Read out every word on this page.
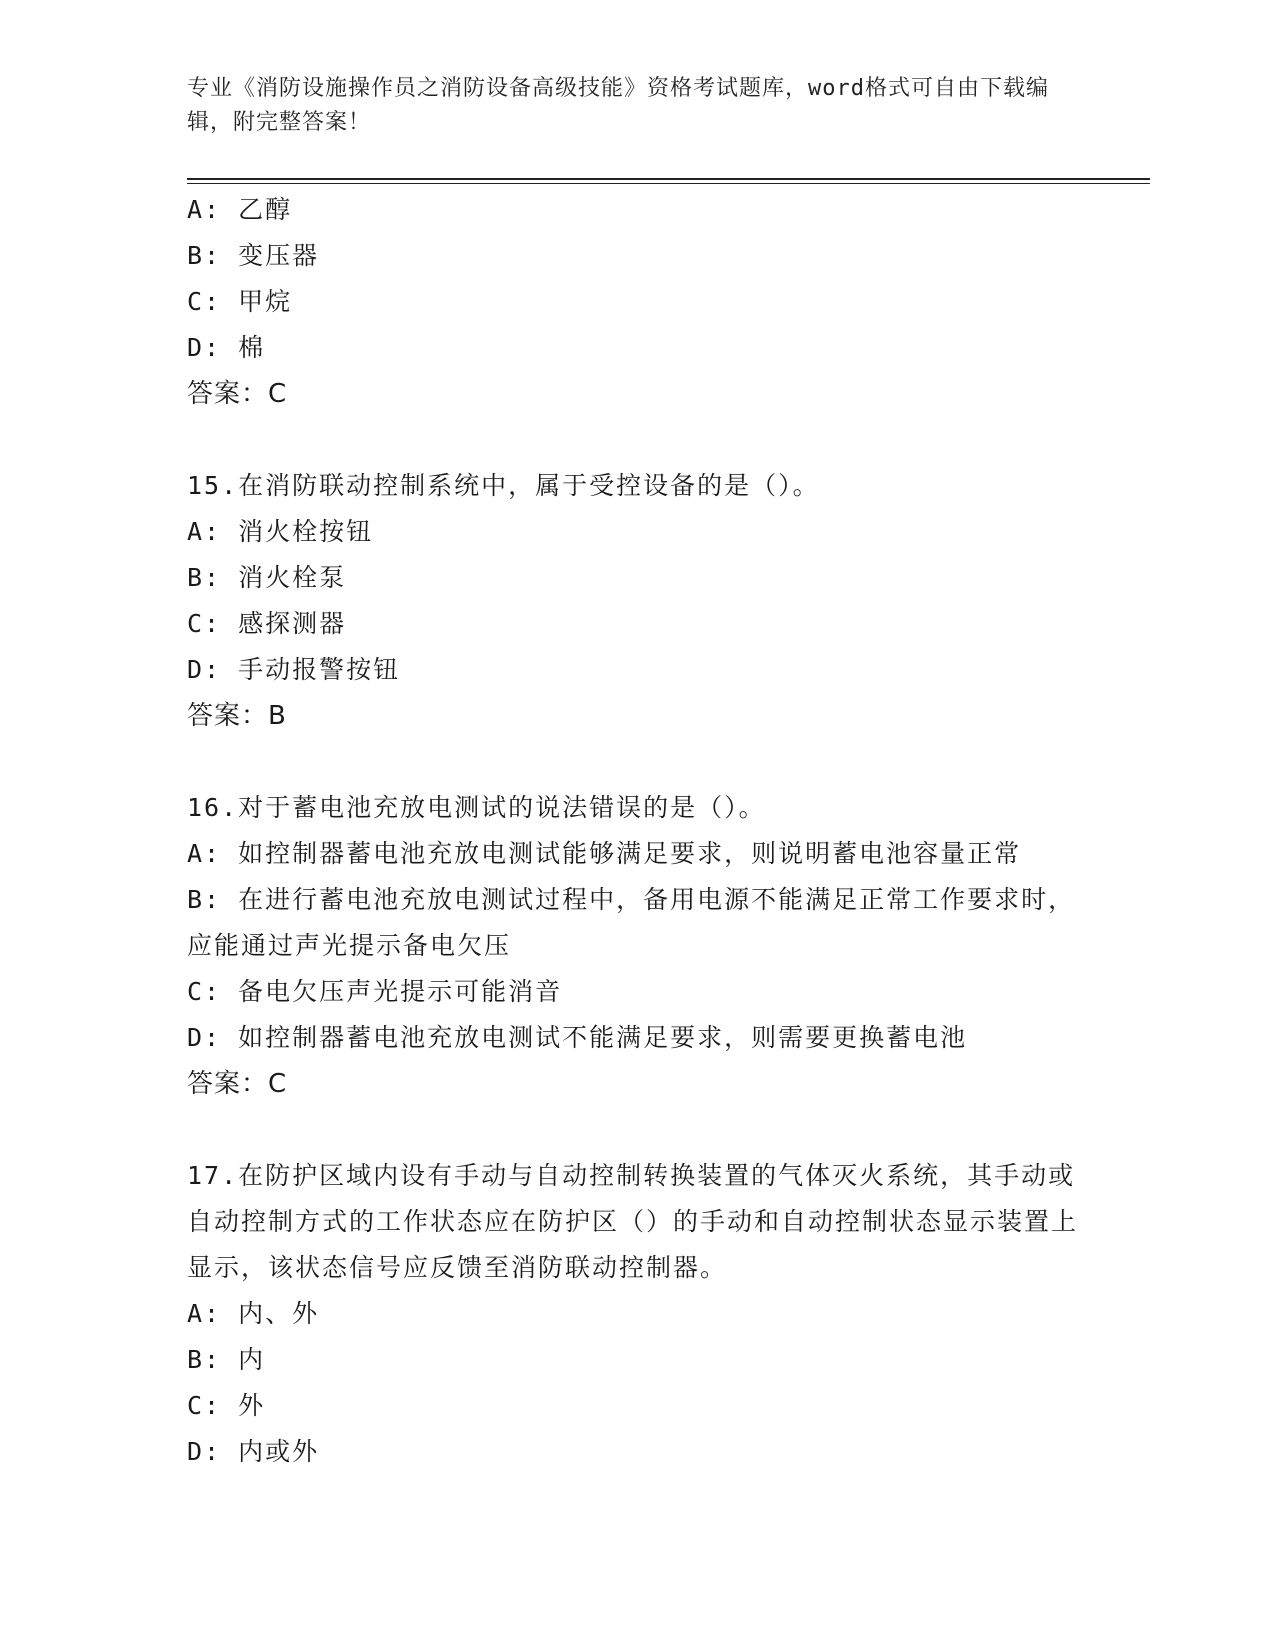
专业《消防设施操作员之消防设备高级技能》资格考试题库，word格式可自由下载编辑，附完整答案！
A: 乙醇
B: 变压器
C: 甲烷
D: 棉
答案：C
15.在消防联动控制系统中，属于受控设备的是（）。
A: 消火栓按钮
B: 消火栓泵
C: 感探测器
D: 手动报警按钮
答案：B
16.对于蓄电池充放电测试的说法错误的是（）。
A: 如控制器蓄电池充放电测试能够满足要求，则说明蓄电池容量正常
B: 在进行蓄电池充放电测试过程中，备用电源不能满足正常工作要求时，应能通过声光提示备电欠压
C: 备电欠压声光提示可能消音
D: 如控制器蓄电池充放电测试不能满足要求，则需要更换蓄电池
答案：C
17.在防护区域内设有手动与自动控制转换装置的气体灭火系统，其手动或自动控制方式的工作状态应在防护区（）的手动和自动控制状态显示装置上显示，该状态信号应反馈至消防联动控制器。
A: 内、外
B: 内
C: 外
D: 内或外
